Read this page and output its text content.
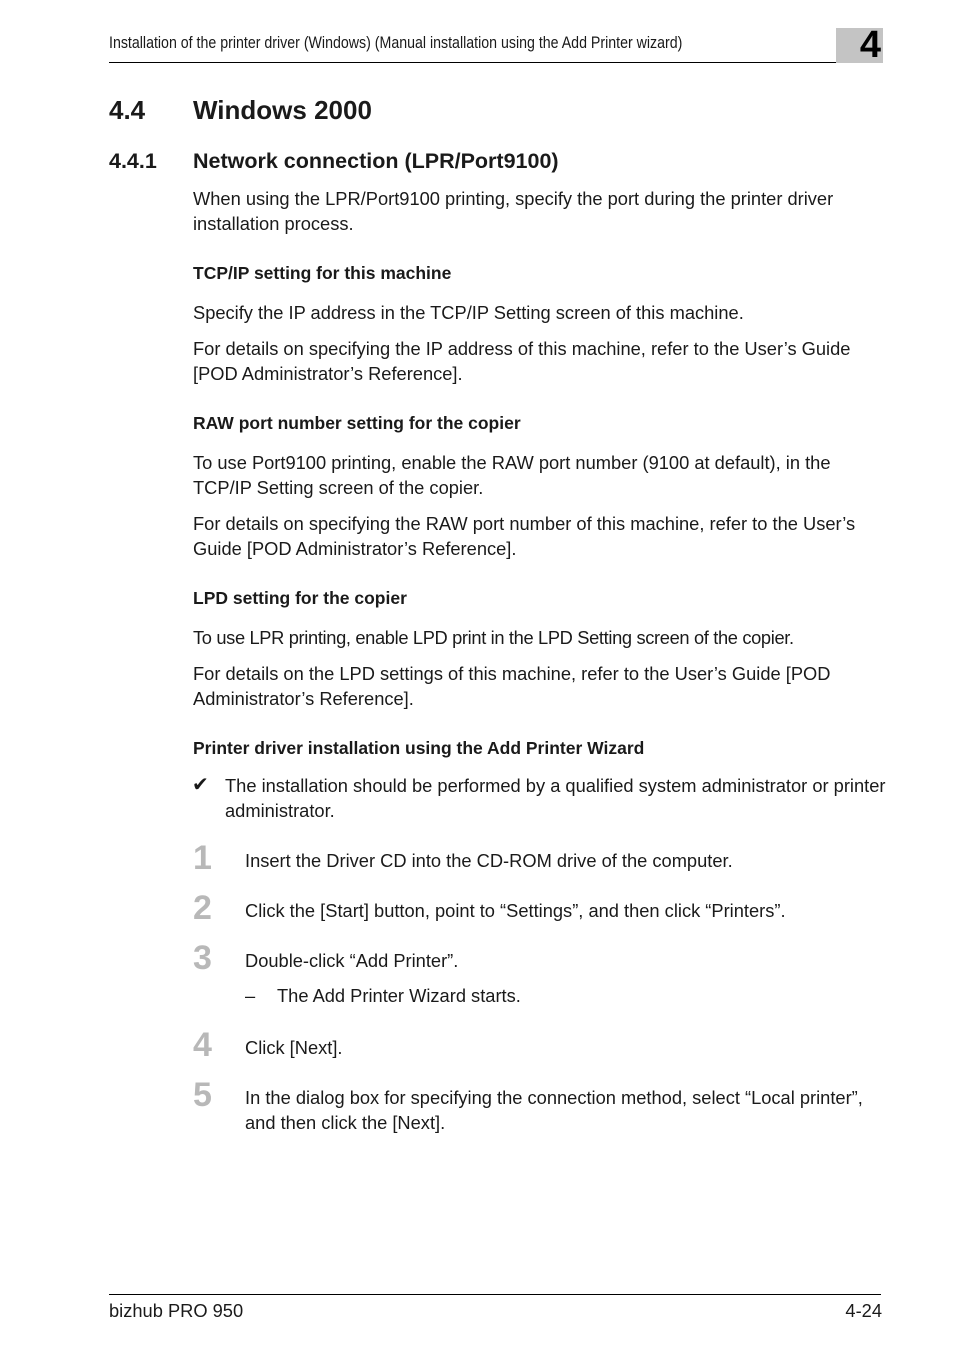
Installation of the printer driver (Windows) (Manual installation using the Add Printer wizard)	4
4.4 Windows 2000
4.4.1 Network connection (LPR/Port9100)
When using the LPR/Port9100 printing, specify the port during the printer driver installation process.
TCP/IP setting for this machine
Specify the IP address in the TCP/IP Setting screen of this machine.
For details on specifying the IP address of this machine, refer to the User’s Guide [POD Administrator’s Reference].
RAW port number setting for the copier
To use Port9100 printing, enable the RAW port number (9100 at default), in the TCP/IP Setting screen of the copier.
For details on specifying the RAW port number of this machine, refer to the User’s Guide [POD Administrator’s Reference].
LPD setting for the copier
To use LPR printing, enable LPD print in the LPD Setting screen of the copier.
For details on the LPD settings of this machine, refer to the User’s Guide [POD Administrator’s Reference].
Printer driver installation using the Add Printer Wizard
✔ The installation should be performed by a qualified system administrator or printer administrator.
1 Insert the Driver CD into the CD-ROM drive of the computer.
2 Click the [Start] button, point to “Settings”, and then click “Printers”.
3 Double-click “Add Printer”.
– The Add Printer Wizard starts.
4 Click [Next].
5 In the dialog box for specifying the connection method, select “Local printer”, and then click the [Next].
bizhub PRO 950	4-24
